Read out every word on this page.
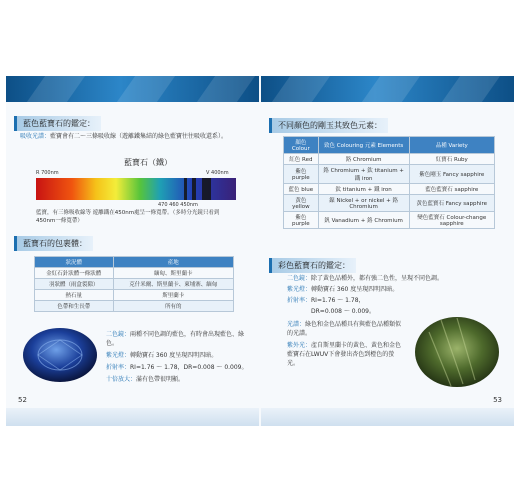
藍色藍寶石的鑑定：
吸收光譜：藍寶會有二～三條吸收線（遊離鐵集結的綠色藍寶往往吸收還系）。
藍寶石（鐵）
R 700nm	V 400nm
470 460 450nm
藍寶，有三條吸收線等 遊離鐵在450nm處呈一條寬帶。（多時分光鏡只看到450nm一條寬帶）
藍寶石的包裹體：
狀況體	產地
金紅石針狀體一條狀體	緬甸、斯里蘭卡
羽狀體（雨盒裂隙）	克什米爾、斯里蘭卡、柬埔寨、緬甸
熱石量	斯里蘭卡
色帶和生長帶	所有的
二色鏡：兩種不同色調的藍色，有時會出現藍色、綠色。
紫光燈：轉動寶石 360 度呈現四明四暗。
折射率：RI=1.76 ～ 1.78，DR=0.008 ～ 0.009。
十倍放大：滿有色帶很明顯。
52
不同顏色的剛玉其致色元素：
顏色 Colour	致色 Colouring 元素 Elements	品種 Variety
紅色 Red	鉻 Chromium	紅寶石 Ruby
紫色 purple	鉻 Chromium + 鈦 titanium + 鐵 iron	紫色剛玉 Fancy sapphire
藍色 blue	鈦 titanium + 鐵 iron	藍色藍寶石 sapphire
黃色 yellow	鎳 Nickel + or nickel + 鉻 Chromium	黃色藍寶石 Fancy sapphire
紫色 purple	釩 Vanadium + 鉻 Chromium	變色藍寶石 Colour-change sapphire
彩色藍寶石的鑑定：
二色鏡：除了黃色品種外，都有強二色性，呈現不同色調。
紫光燈：轉動寶石 360 度呈現四明四暗。
折射率：RI=1.76 ～ 1.78，
DR=0.008 ～ 0.009。
光譜：綠色和金色品種具有與藍色品種類似的光譜。
紫外光：產自斯里蘭卡的黃色、黃色和金色藍寶石在LWUV下會發出杏色到橙色的螢光。
53
